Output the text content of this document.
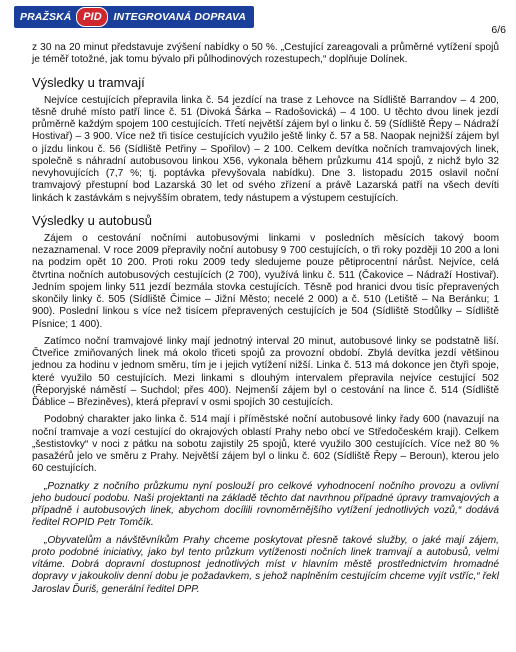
PRAŽSKÁ	PID	INTEGROVANÁ DOPRAVA
6/6

z 30 na 20 minut představuje zvýšení nabídky o 50 %. „Cestující zareagovali a průměrné vytížení spojů je téměř totožné, jak tomu bývalo při půlhodinových rozestupech,“ doplňuje Dolínek.

Výsledky u tramvají

Nejvíce cestujících přepravila linka č. 54 jezdící na trase z Lehovce na Sídliště Barrandov – 4 200, těsně druhé místo patří lince č. 51 (Divoká Šárka – Radošovická) – 4 100. U těchto dvou linek jezdí průměrně každým spojem 100 cestujících. Třetí největší zájem byl o linku č. 59 (Sídliště Řepy – Nádraží Hostivař) – 3 900. Více než tři tisíce cestujících využilo ještě linky č. 57 a 58. Naopak nejnižší zájem byl o jízdu linkou č. 56 (Sídliště Petřiny – Spořilov) – 2 100. Celkem devítka nočních tramvajových linek, společně s náhradní autobusovou linkou X56, vykonala během průzkumu 414 spojů, z nichž bylo 32 nevyhovujících (7,7 %; tj. poptávka převyšovala nabídku). Dne 3. listopadu 2015 oslavil noční tramvajový přestupní bod Lazarská 30 let od svého zřízení a právě Lazarská patří na všech devíti linkách k zastávkám s nejvyšším obratem, tedy nástupem a výstupem cestujících.

Výsledky u autobusů

Zájem o cestování nočními autobusovými linkami v posledních měsících takový boom nezaznamenal. V roce 2009 přepravily noční autobusy 9 700 cestujících, o tři roky později 10 200 a loni na podzim opět 10 200. Proti roku 2009 tedy sledujeme pouze pětiprocentní nárůst. Nejvíce, celá čtvrtina nočních autobusových cestujících (2 700), využívá linku č. 511 (Čakovice – Nádraží Hostivař). Jedním spojem linky 511 jezdí bezmála stovka cestujících. Těsně pod hranici dvou tisíc přepravených skončily linky č. 505 (Sídliště Čimice – Jižní Město; necelé 2 000) a č. 510 (Letiště – Na Beránku; 1 900). Poslední linkou s více než tisícem přepravených cestujících je 504 (Sídliště Stodůlky – Sídliště Písnice; 1 400).

Zatímco noční tramvajové linky mají jednotný interval 20 minut, autobusové linky se podstatně liší. Čtveřice zmiňovaných linek má okolo třiceti spojů za provozní období. Zbylá devítka jezdí většinou jednou za hodinu v jednom směru, tím je i jejich vytížení nižší. Linka č. 513 má dokonce jen čtyři spoje, které využilo 50 cestujících. Mezi linkami s dlouhým intervalem přepravila nejvíce cestující 502 (Řeporyjské náměstí – Suchdol; přes 400). Nejmenší zájem byl o cestování na lince č. 514 (Sídliště Ďáblice – Březiněves), která přepraví v osmi spojích 30 cestujících.

Podobný charakter jako linka č. 514 mají i příměstské noční autobusové linky řady 600 (navazují na noční tramvaje a vozí cestující do okrajových oblastí Prahy nebo obcí ve Středočeském kraji). Celkem „šestistovky“ v noci z pátku na sobotu zajistily 25 spojů, které využilo 300 cestujících. Více než 80 % pasažérů jelo ve směru z Prahy. Největší zájem byl o linku č. 602 (Sídliště Řepy – Beroun), kterou jelo 60 cestujících.

„Poznatky z nočního průzkumu nyní poslouží pro celkové vyhodnocení nočního provozu a ovlivní jeho budoucí podobu. Naši projektanti na základě těchto dat navrhnou případné úpravy tramvajových a případně i autobusových linek, abychom docílili rovnoměrnějšího vytížení jednotlivých vozů,“ dodává ředitel ROPID Petr Tomčík.

„Obyvatelům a návštěvníkům Prahy chceme poskytovat přesně takové služby, o jaké mají zájem, proto podobné iniciativy, jako byl tento průzkum vytíženosti nočních linek tramvají a autobusů, velmi vítáme. Dobrá dopravní dostupnost jednotlivých míst v hlavním městě prostřednictvím hromadné dopravy v jakoukoliv denní dobu je požadavkem, s jehož naplněním cestujícím chceme vyjít vstříc,“ řekl Jaroslav Ďuriš, generální ředitel DPP.
